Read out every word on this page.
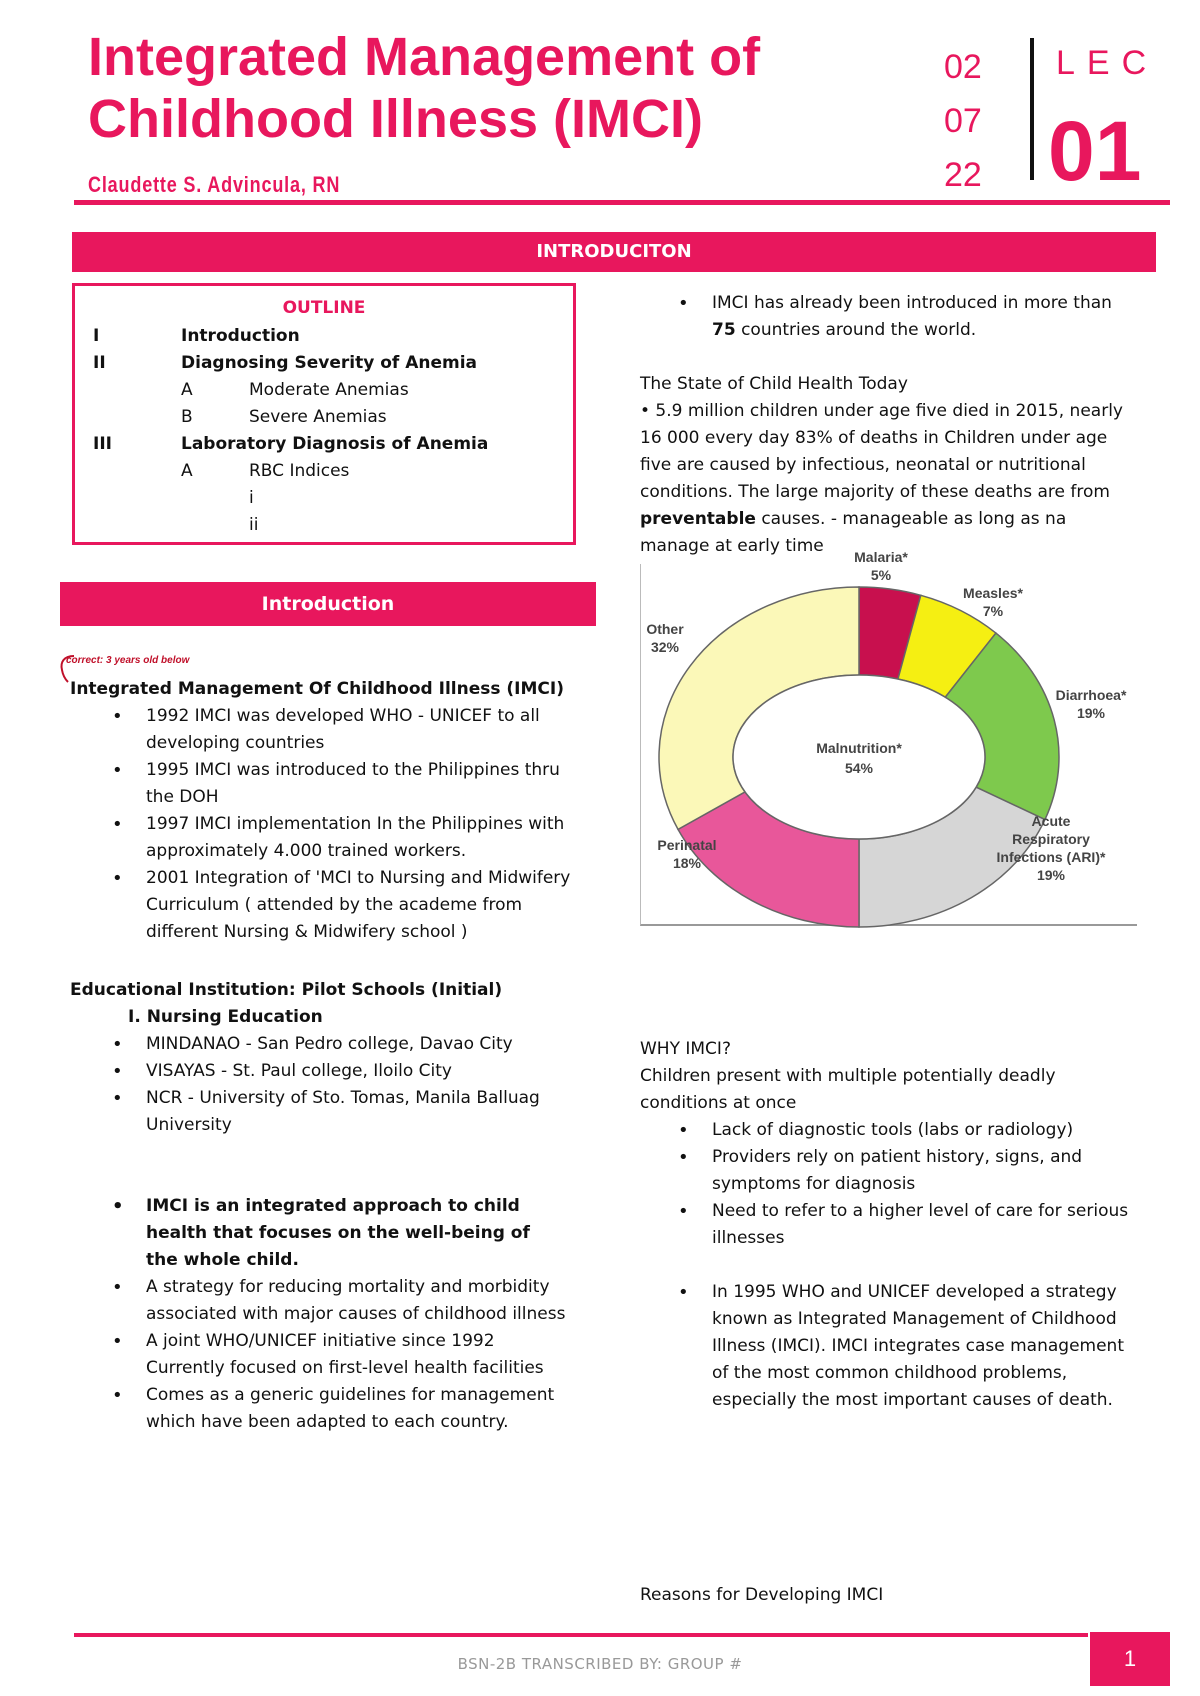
Integrated Management of
Childhood Illness (IMCI)
Claudette S. Advincula, RN
02
07
22
LEC
01
INTRODUCITON
OUTLINE
I	Introduction
II	Diagnosing Severity of Anemia
A	Moderate Anemias
B	Severe Anemias
III	Laboratory Diagnosis of Anemia
A	RBC Indices
i
ii
Introduction
correct: 3 years old below
Integrated Management Of Childhood Illness (IMCI)
• 1992 IMCI was developed WHO - UNICEF to all developing countries
• 1995 IMCI was introduced to the Philippines thru the DOH
• 1997 IMCI implementation In the Philippines with approximately 4.000 trained workers.
• 2001 Integration of 'MCI to Nursing and Midwifery Curriculum ( attended by the academe from different Nursing & Midwifery school )
Educational Institution: Pilot Schools (Initial)
I. Nursing Education
• MINDANAO - San Pedro college, Davao City
• VISAYAS - St. Paul college, Iloilo City
• NCR - University of Sto. Tomas, Manila Balluag University
• IMCI is an integrated approach to child health that focuses on the well-being of the whole child.
• A strategy for reducing mortality and morbidity associated with major causes of childhood illness
• A joint WHO/UNICEF initiative since 1992 Currently focused on first-level health facilities
• Comes as a generic guidelines for management which have been adapted to each country.
• IMCI has already been introduced in more than 75 countries around the world.
The State of Child Health Today
• 5.9 million children under age five died in 2015, nearly 16 000 every day 83% of deaths in Children under age five are caused by infectious, neonatal or nutritional conditions. The large majority of these deaths are from preventable causes. - manageable as long as na manage at early time
Malnutrition*
54%
Malaria*
5%
Measles*
7%
Diarrhoea*
19%
Acute
Respiratory
Infections (ARI)*
19%
Perinatal
18%
Other
32%
WHY IMCI?
Children present with multiple potentially deadly conditions at once
• Lack of diagnostic tools (labs or radiology)
• Providers rely on patient history, signs, and symptoms for diagnosis
• Need to refer to a higher level of care for serious illnesses
• In 1995 WHO and UNICEF developed a strategy known as Integrated Management of Childhood Illness (IMCI). IMCI integrates case management of the most common childhood problems, especially the most important causes of death.
Reasons for Developing IMCI
BSN-2B TRANSCRIBED BY: GROUP #	1
